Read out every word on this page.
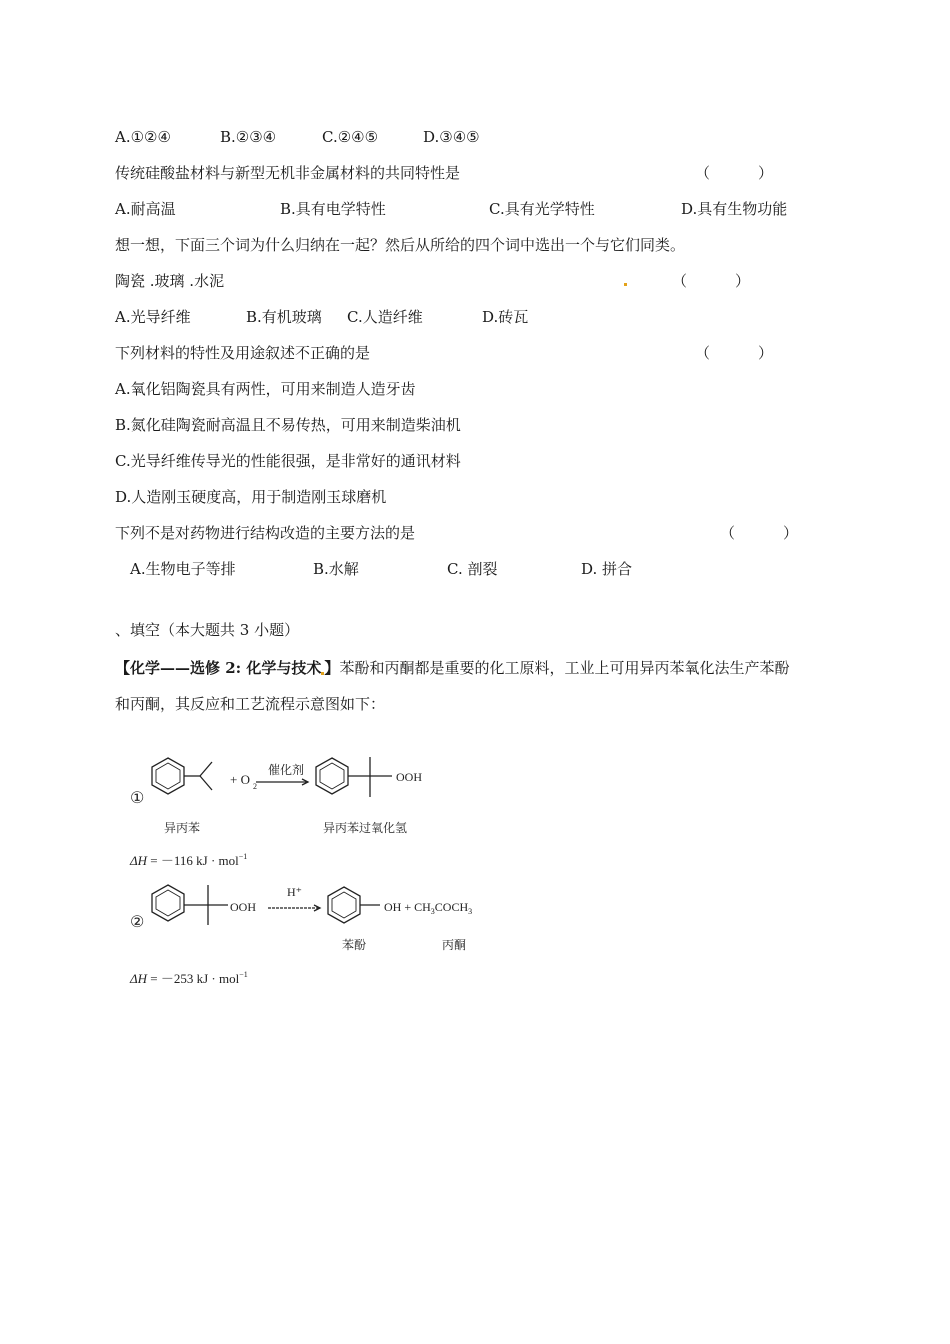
A.①②④	B.②③④	C.②④⑤	D.③④⑤
传统硅酸盐材料与新型无机非金属材料的共同特性是	（　　）
A.耐高温	B.具有电学特性	C.具有光学特性	D.具有生物功能
想一想，下面三个词为什么归纳在一起？然后从所给的四个词中选出一个与它们同类。
陶瓷 .玻璃 .水泥	（　　）
A.光导纤维	B.有机玻璃 C.人造纤维	D.砖瓦
下列材料的特性及用途叙述不正确的是	（　　）
A.氧化铝陶瓷具有两性，可用来制造人造牙齿
B.氮化硅陶瓷耐高温且不易传热，可用来制造柴油机
C.光导纤维传导光的性能很强，是非常好的通讯材料
D.人造刚玉硬度高，用于制造刚玉球磨机
下列不是对药物进行结构改造的主要方法的是	（　　）
A.生物电子等排	B.水解	C. 剖裂	D. 拼合
、填空（本大题共 3 小题）
【化学——选修 2: 化学与技术 】苯酚和丙酮都是重要的化工原料，工业上可用异丙苯氧化法生产苯酚
和丙酮，其反应和工艺流程示意图如下：
①
+ O 2
催化剂	OOH
异丙苯	异丙苯过氧化氢
ΔH = －116 kJ · mol$^{-1}$
②
OOH
H⁺
OH + $CH_3COCH_3$
苯酚	丙酮
ΔH = －253 kJ · mol$^{-1}$
